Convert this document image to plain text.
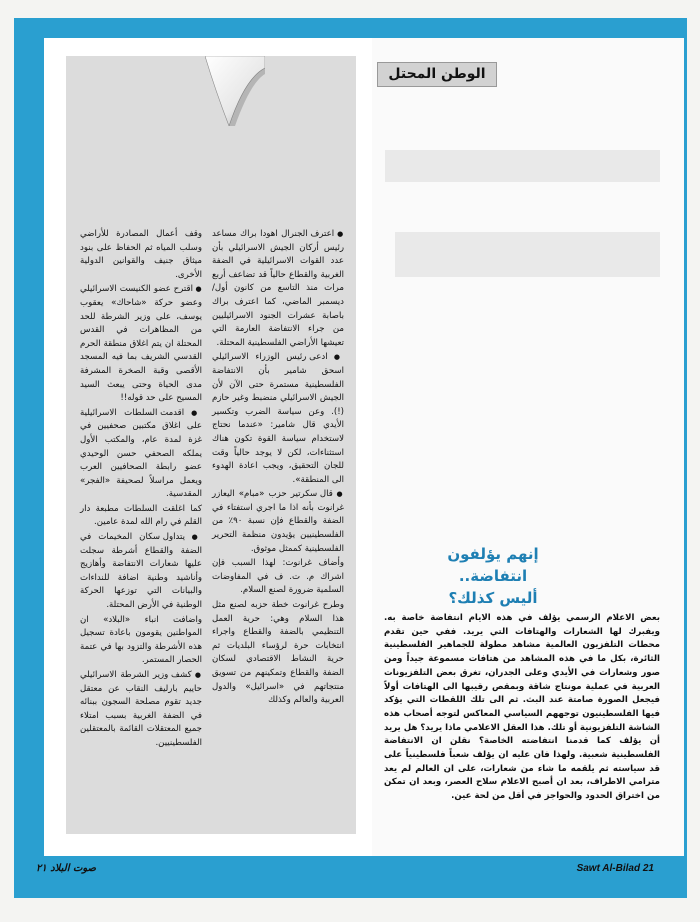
الوطن المحتل

● اعترف الجنرال اهودا براك مساعد رئيس أركان الجيش الاسرائيلي بأن عدد القوات الاسرائيلية في الضفة الغربية والقطاع حالياً قد تضاعف أربع مرات منذ التاسع من كانون أول/ ديسمبر الماضي، كما اعترف براك باصابة عشرات الجنود الاسرائيليين من جراء الانتفاضة العارمة التي تعيشها الأراضي الفلسطينية المحتلة.

● ادعى رئيس الوزراء الاسرائيلي اسحق شامير بأن الانتفاضة الفلسطينية مستمرة حتى الآن لأن الجيش الاسرائيلي منضبط وغير حازم (!). وعن سياسة الضرب وتكسير الأيدي قال شامير: «عندما نحتاج لاستخدام سياسة القوة تكون هناك استثناءات، لكن لا يوجد حالياً وقت للجان التحقيق، ويجب اعادة الهدوء الى المنطقة».

● قال سكرتير حزب «مبام» اليعازر غرانوت بأنه اذا ما اجري استفتاء في الضفة والقطاع فإن نسبة ٩٠٪ من الفلسطينيين يؤيدون منظمة التحرير الفلسطينية كممثل موثوق.

وأضاف غرانوت: لهذا السبب فإن اشراك م. ت. ف في المفاوضات السلمية ضرورة لصنع السلام.

وطرح غرانوت خطة حزبه لصنع مثل هذا السلام وهي: حرية العمل التنظيمي بالضفة والقطاع واجراء انتخابات حرة لرؤساء البلديات ثم حرية النشاط الاقتصادي لسكان الضفة والقطاع وتمكينهم من تسويق منتجاتهم في «اسرائيل» والدول العربية والعالم وكذلك

وقف أعمال المصادرة للأراضي وسلب المياه ثم الحفاظ على بنود ميثاق جنيف والقوانين الدولية الأخرى.

● اقترح عضو الكنيست الاسرائيلي وعضو حركة «شاحاك» يعقوب يوسف، على وزير الشرطة للحد من المظاهرات في القدس المحتلة ان يتم اغلاق منطقة الحرم القدسي الشريف بما فيه المسجد الأقصى وقبة الصخرة المشرفة مدى الحياة وحتى يبعث السيد المسيح على حد قوله!!

● اقدمت السلطات الاسرائيلية على اغلاق مكتبين صحفيين في غزة لمدة عام، والمكتب الأول يملكه الصحفي حسن الوحيدي عضو رابطة الصحافيين العرب ويعمل مراسلاً لصحيفة «الفجر» المقدسية.

كما اغلقت السلطات مطبعة دار القلم في رام الله لمدة عامين.

● يتداول سكان المخيمات في الضفة والقطاع أشرطة سجلت عليها شعارات الانتفاضة وأهازيج وأناشيد وطنية اضافة للنداءات والبيانات التي توزعها الحركة الوطنية في الأرض المحتلة.

واضافت انباء «البلاد» ان المواطنين يقومون باعادة تسجيل هذه الأشرطة والتزود بها في عتمة الحصار المستمر.

● كشف وزير الشرطة الاسرائيلي حاييم بارليف النقاب عن معتقل جديد تقوم مصلحة السجون ببنائه في الضفة الغربية بسبب امتلاء جميع المعتقلات القائمة بالمعتقلين الفلسطينيين.

إنهم يؤلفون انتفاضة..
أليس كذلك؟
بعض الاعلام الرسمي يؤلف في هذه الايام انتفاضة خاصة به. ويفبرك لها الشعارات والهتافات التي يريد. ففي حين تقدم محطات التلفزيون العالمية مشاهد مطولة للجماهير الفلسطينية الثائرة، بكل ما في هذه المشاهد من هتافات مسموعة جيداً ومن صور وشعارات في الأيدي وعلى الجدران، تغرق بعض التلفزيونات العربية في عملية مونتاج شاقة وبمقص رقيبها الى الهتافات أولاً فيجعل الصورة صامتة عند البث. ثم الى تلك اللقطات التي يؤكد فيها الفلسطينيون توجههم السياسي المعاكس لتوجه أصحاب هذه الشاشة التلفزيونية أو تلك. هذا العقل الاعلامي ماذا يريد؟ هل يريد أن يؤلف كما قدمنا انتفاضته الخاصة؟ نقلن ان الانتفاضة الفلسطينية شعبية. ولهذا فان عليه ان يؤلف شعباً فلسطينياً على قد سياسته ثم يلقمه ما شاء من شعارات، على ان العالم لم يعد مترامي الاطراف، بعد ان أصبح الاعلام سلاح العصر، وبعد ان تمكن من اختراق الحدود والحواجز في أقل من لحة عين.
صوت البلاد ٢١	Sawt Al-Bilad 21
